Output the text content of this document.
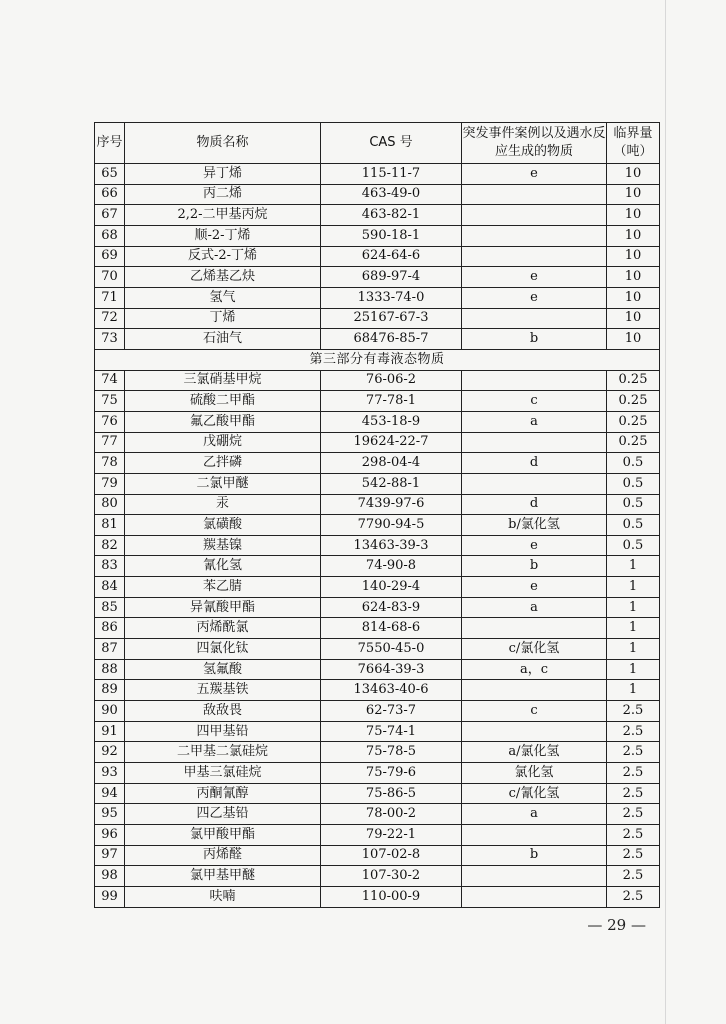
序号	物质名称	CAS 号	突发事件案例以及遇水反应生成的物质	临界量（吨）
65	异丁烯	115-11-7	e	10
66	丙二烯	463-49-0		10
67	2,2-二甲基丙烷	463-82-1		10
68	顺-2-丁烯	590-18-1		10
69	反式-2-丁烯	624-64-6		10
70	乙烯基乙炔	689-97-4	e	10
71	氢气	1333-74-0	e	10
72	丁烯	25167-67-3		10
73	石油气	68476-85-7	b	10
第三部分有毒液态物质				
74	三氯硝基甲烷	76-06-2		0.25
75	硫酸二甲酯	77-78-1	c	0.25
76	氟乙酸甲酯	453-18-9	a	0.25
77	戊硼烷	19624-22-7		0.25
78	乙拌磷	298-04-4	d	0.5
79	二氯甲醚	542-88-1		0.5
80	汞	7439-97-6	d	0.5
81	氯磺酸	7790-94-5	b/氯化氢	0.5
82	羰基镍	13463-39-3	e	0.5
83	氰化氢	74-90-8	b	1
84	苯乙腈	140-29-4	e	1
85	异氰酸甲酯	624-83-9	a	1
86	丙烯酰氯	814-68-6		1
87	四氯化钛	7550-45-0	c/氯化氢	1
88	氢氟酸	7664-39-3	a，c	1
89	五羰基铁	13463-40-6		1
90	敌敌畏	62-73-7	c	2.5
91	四甲基铅	75-74-1		2.5
92	二甲基二氯硅烷	75-78-5	a/氯化氢	2.5
93	甲基三氯硅烷	75-79-6	氯化氢	2.5
94	丙酮氰醇	75-86-5	c/氰化氢	2.5
95	四乙基铅	78-00-2	a	2.5
96	氯甲酸甲酯	79-22-1		2.5
97	丙烯醛	107-02-8	b	2.5
98	氯甲基甲醚	107-30-2		2.5
99	呋喃	110-00-9		2.5
— 29 —
